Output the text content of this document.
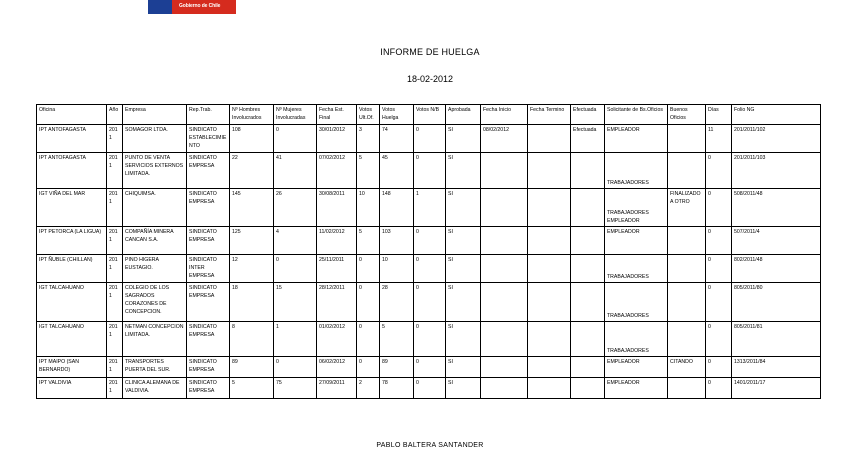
Gobierno de Chile
INFORME DE HUELGA
18-02-2012
Oficina	Año	Empresa	Rep.Trab.	Nº Hombres Involucrados	Nº Mujeres Involucradas	Fecha Est. Final	Votos Ult.Of.	Votos Huelga	Votos N/B	Aprobada	Fecha Inicio	Fecha Termino	Efectuada	Solicitante de Bs.Oficios	Buenos Oficios	Días	Folio NG
IPT ANTOFAGASTA	2011	SOMAGOR LTDA.	SINDICATO ESTABLECIMIENTO	108	0	30/01/2012	3	74	0	SI	08/02/2012		Efectuada	EMPLEADOR		11	201/2011/102
IPT ANTOFAGASTA	2011	PUNTO DE VENTA SERVICIOS EXTERNOS LIMITADA.	SINDICATO EMPRESA	22	41	07/02/2012	5	45	0	SI				TRABAJADORES		0	201/2011/103
IGT VIÑA DEL MAR	2011	CHIQUIMSA.	SINDICATO EMPRESA	145	26	30/08/2011	10	148	1	SI				TRABAJADORES EMPLEADOR	FINALIZADO A OTRO	0	508/2011/48
IPT PETORCA (LA LIGUA)	2011	COMPAÑÍA MINERA CANCAN S.A.	SINDICATO EMPRESA	125	4	11/02/2012	5	103	0	SI				EMPLEADOR		0	507/2011/4
IPT ÑUBLE (CHILLAN)	2011	PINO HIGERA EUSTAGIO.	SINDICATO INTER EMPRESA	12	0	25/11/2011	0	10	0	SI				TRABAJADORES		0	802/2011/48
IGT TALCAHUANO	2011	COLEGIO DE LOS SAGRADOS CORAZONES DE CONCEPCION.	SINDICATO EMPRESA	18	15	28/12/2011	0	28	0	SI				TRABAJADORES		0	805/2011/80
IGT TALCAHUANO	2011	NETMAN CONCEPCION LIMITADA.	SINDICATO EMPRESA	8	1	01/02/2012	0	5	0	SI				TRABAJADORES		0	805/2011/81
IPT MAIPO (SAN BERNARDO)	2011	TRANSPORTES PUERTA DEL SUR.	SINDICATO EMPRESA	89	0	06/02/2012	0	89	0	SI				EMPLEADOR	CITANDO	0	1313/2011/84
IPT VALDIVIA	2011	CLINICA ALEMANA DE VALDIVIA.	SINDICATO EMPRESA	5	75	27/09/2011	2	78	0	SI				EMPLEADOR		0	1401/2011/17
PABLO BALTERA SANTANDER
